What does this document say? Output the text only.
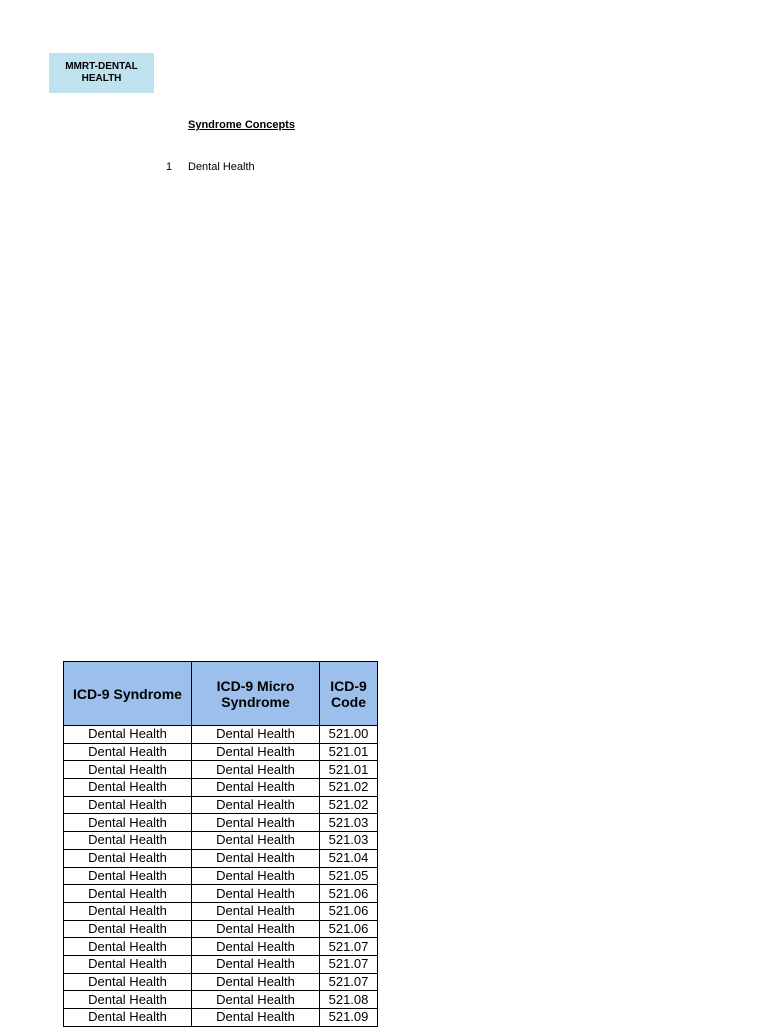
MMRT-DENTAL
HEALTH
Syndrome Concepts
1 Dental Health
ICD-9 Syndrome	ICD-9 Micro Syndrome	ICD-9 Code
Dental Health	Dental Health	521.00
Dental Health	Dental Health	521.01
Dental Health	Dental Health	521.01
Dental Health	Dental Health	521.02
Dental Health	Dental Health	521.02
Dental Health	Dental Health	521.03
Dental Health	Dental Health	521.03
Dental Health	Dental Health	521.04
Dental Health	Dental Health	521.05
Dental Health	Dental Health	521.06
Dental Health	Dental Health	521.06
Dental Health	Dental Health	521.06
Dental Health	Dental Health	521.07
Dental Health	Dental Health	521.07
Dental Health	Dental Health	521.07
Dental Health	Dental Health	521.08
Dental Health	Dental Health	521.09
